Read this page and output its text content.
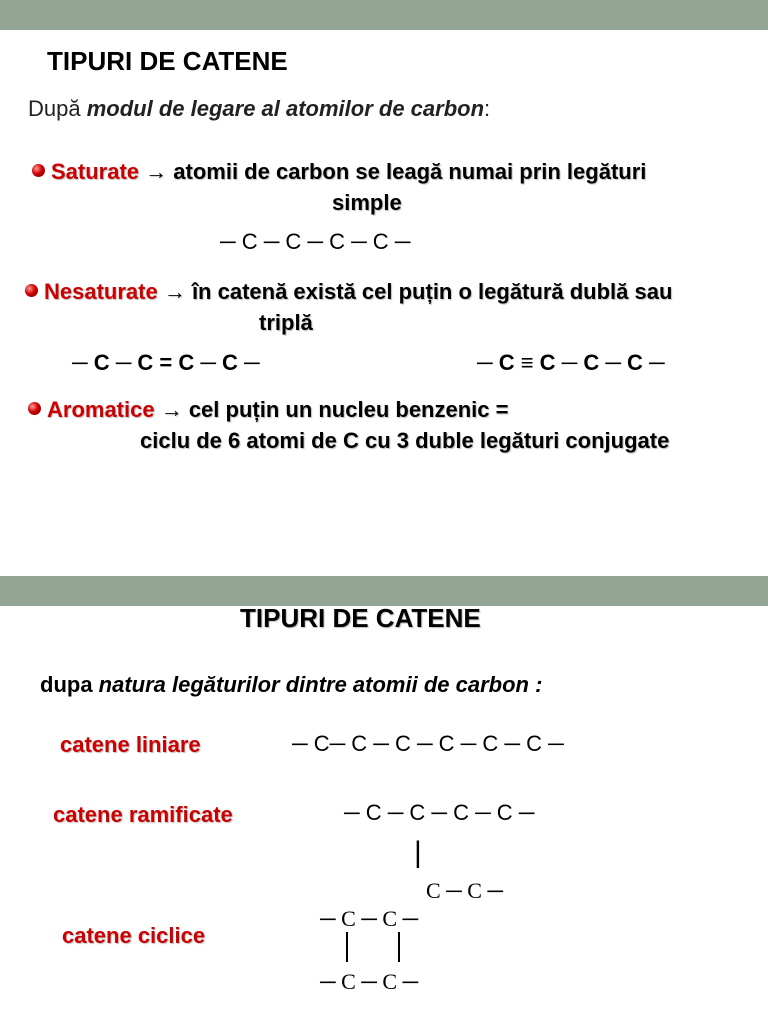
TIPURI DE CATENE
După modul de legare al atomilor de carbon:
Saturate → atomii de carbon se leagă numai prin legături
simple
─ C ─ C ─ C ─ C ─
Nesaturate → în catenă există cel puțin o legătură dublă sau
triplă
─ C ─ C = C ─ C ─	─ C ≡ C ─ C ─ C ─
Aromatice → cel puțin un nucleu benzenic =
ciclu de 6 atomi de C cu 3 duble legături conjugate
TIPURI DE CATENE
dupa natura legăturilor dintre atomii de carbon :
catene liniare	─ C─ C ─ C ─ C ─ C ─ C ─
catene ramificate	─ C ─ C ─ C ─ C ─
|
C ─ C ─
catene ciclice
─ C ─ C ─
─ C ─ C ─
